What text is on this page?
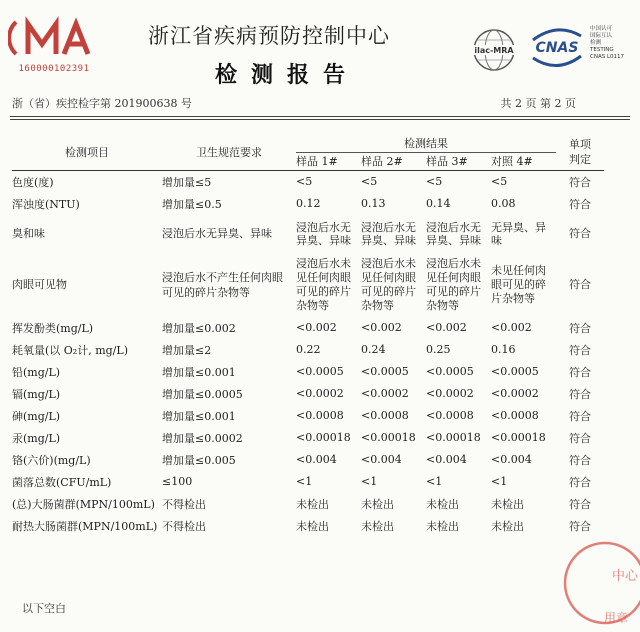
160000102391
浙江省疾病预防控制中心
检测报告
ilac-MRA CNAS
中国认可
国际互认
检测
TESTING
CNAS L0117
浙（省）疾控检字第 201900638 号	共 2 页 第 2 页
检测项目	卫生规范要求	检测结果				单项判定
		样品 1#	样品 2#	样品 3#	对照 4#	
色度(度)	增加量≤5	<5	<5	<5	<5	符合
浑浊度(NTU)	增加量≤0.5	0.12	0.13	0.14	0.08	符合
臭和味	浸泡后水无异臭、异味	浸泡后水无异臭、异味	浸泡后水无异臭、异味	浸泡后水无异臭、异味	无异臭、异味	符合
肉眼可见物	浸泡后水不产生任何肉眼可见的碎片杂物等	浸泡后水未见任何肉眼可见的碎片杂物等	浸泡后水未见任何肉眼可见的碎片杂物等	浸泡后水未见任何肉眼可见的碎片杂物等	未见任何肉眼可见的碎片杂物等	符合
挥发酚类(mg/L)	增加量≤0.002	<0.002	<0.002	<0.002	<0.002	符合
耗氧量(以 O₂计, mg/L)	增加量≤2	0.22	0.24	0.25	0.16	符合
铅(mg/L)	增加量≤0.001	<0.0005	<0.0005	<0.0005	<0.0005	符合
镉(mg/L)	增加量≤0.0005	<0.0002	<0.0002	<0.0002	<0.0002	符合
砷(mg/L)	增加量≤0.001	<0.0008	<0.0008	<0.0008	<0.0008	符合
汞(mg/L)	增加量≤0.0002	<0.00018	<0.00018	<0.00018	<0.00018	符合
铬(六价)(mg/L)	增加量≤0.005	<0.004	<0.004	<0.004	<0.004	符合
菌落总数(CFU/mL)	≤100	<1	<1	<1	<1	符合
(总)大肠菌群(MPN/100mL)	不得检出	未检出	未检出	未检出	未检出	符合
耐热大肠菌群(MPN/100mL)	不得检出	未检出	未检出	未检出	未检出	符合
以下空白
中心
用章
